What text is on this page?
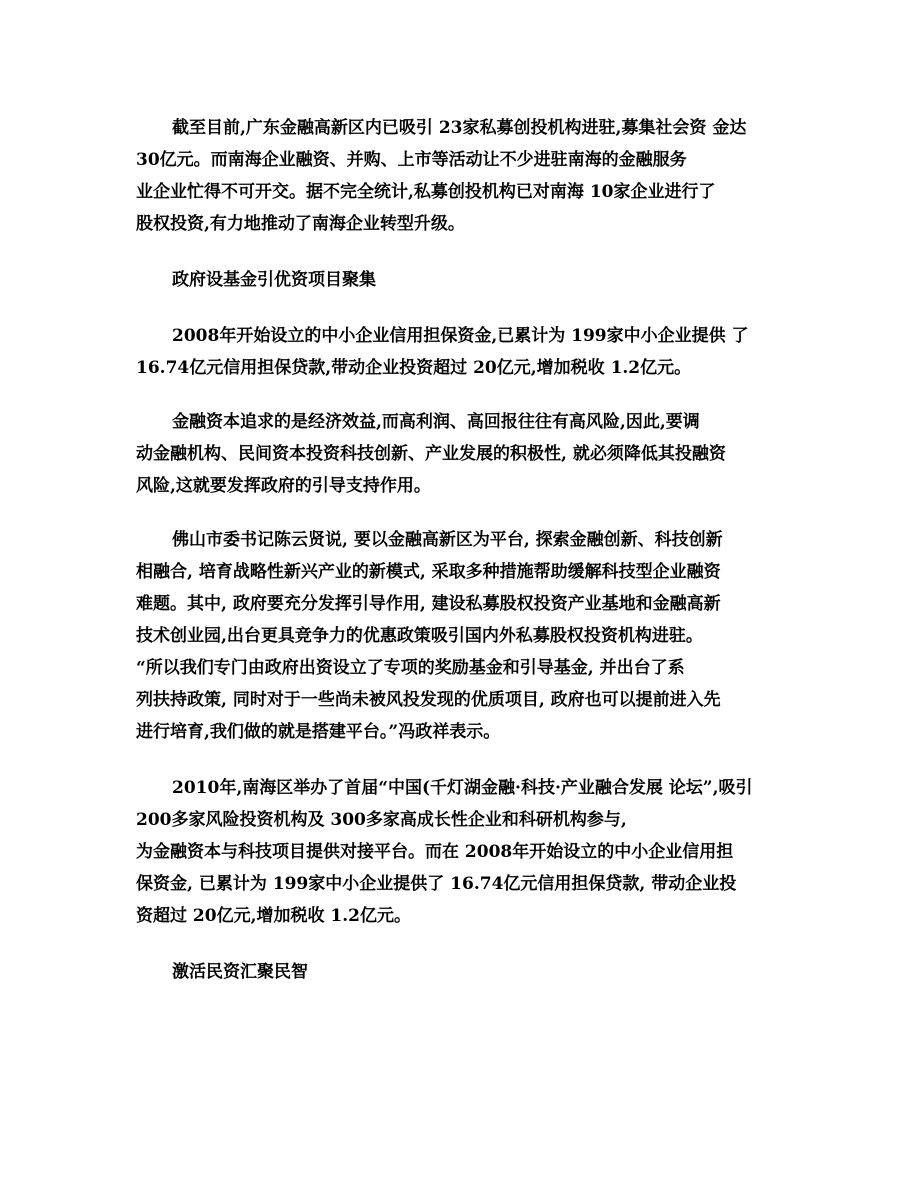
截至目前,广东金融高新区内已吸引 23家私募创投机构进驻,募集社会资 金达
30亿元。而南海企业融资、并购、上市等活动让不少进驻南海的金融服务
业企业忙得不可开交。据不完全统计,私募创投机构已对南海 10家企业进行了
股权投资,有力地推动了南海企业转型升级。
政府设基金引优资项目聚集
2008年开始设立的中小企业信用担保资金,已累计为 199家中小企业提供 了
16.74亿元信用担保贷款,带动企业投资超过 20亿元,增加税收 1.2亿元。
金融资本追求的是经济效益,而高利润、高回报往往有高风险,因此,要调
动金融机构、民间资本投资科技创新、产业发展的积极性, 就必须降低其投融资
风险,这就要发挥政府的引导支持作用。
佛山市委书记陈云贤说, 要以金融高新区为平台, 探索金融创新、科技创新
相融合, 培育战略性新兴产业的新模式, 采取多种措施帮助缓解科技型企业融资
难题。其中, 政府要充分发挥引导作用, 建设私募股权投资产业基地和金融高新
技术创业园,出台更具竞争力的优惠政策吸引国内外私募股权投资机构进驻。
“所以我们专门由政府出资设立了专项的奖励基金和引导基金, 并出台了系
列扶持政策, 同时对于一些尚未被风投发现的优质项目, 政府也可以提前进入先
进行培育,我们做的就是搭建平台。”冯政祥表示。
2010年,南海区举办了首届“中国(千灯湖金融·科技·产业融合发展 论坛”,吸引
200多家风险投资机构及 300多家高成长性企业和科研机构参与,
为金融资本与科技项目提供对接平台。而在 2008年开始设立的中小企业信用担
保资金, 已累计为 199家中小企业提供了 16.74亿元信用担保贷款, 带动企业投
资超过 20亿元,增加税收 1.2亿元。
激活民资汇聚民智
